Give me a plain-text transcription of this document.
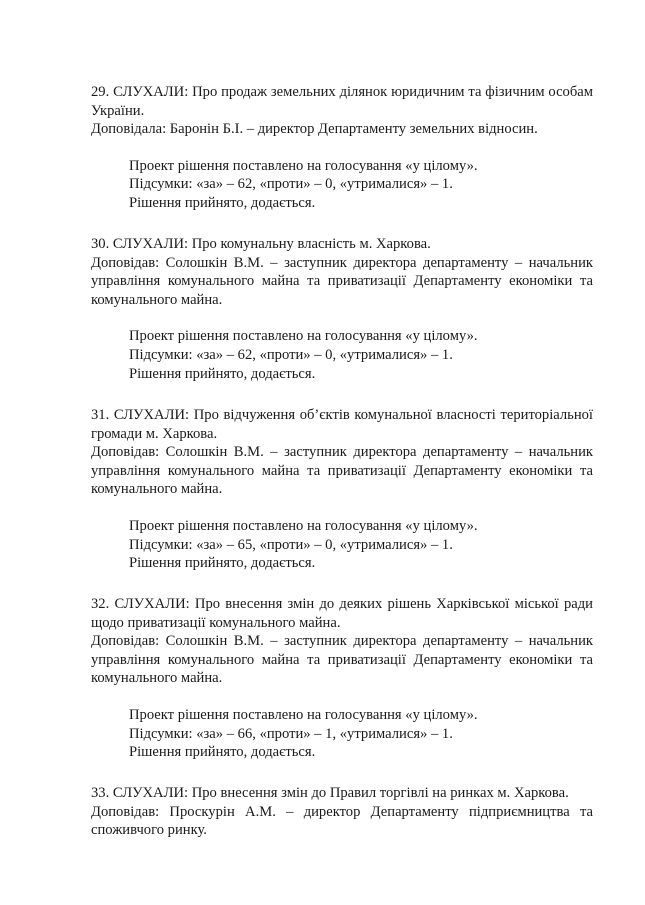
29. СЛУХАЛИ: Про продаж земельних ділянок юридичним та фізичним особам України.
Доповідала: Баронін Б.І. – директор Департаменту земельних відносин.
Проект рішення поставлено на голосування «у цілому».
Підсумки: «за» – 62, «проти» – 0, «утрималися» – 1.
Рішення прийнято, додається.
30. СЛУХАЛИ: Про комунальну власність м. Харкова.
Доповідав: Солошкін В.М. – заступник директора департаменту – начальник управління комунального майна та приватизації Департаменту економіки та комунального майна.
Проект рішення поставлено на голосування «у цілому».
Підсумки: «за» – 62, «проти» – 0, «утрималися» – 1.
Рішення прийнято, додається.
31. СЛУХАЛИ: Про відчуження об’єктів комунальної власності територіальної громади м. Харкова.
Доповідав: Солошкін В.М. – заступник директора департаменту – начальник управління комунального майна та приватизації Департаменту економіки та комунального майна.
Проект рішення поставлено на голосування «у цілому».
Підсумки: «за» – 65, «проти» – 0, «утрималися» – 1.
Рішення прийнято, додається.
32. СЛУХАЛИ: Про внесення змін до деяких рішень Харківської міської ради щодо приватизації комунального майна.
Доповідав: Солошкін В.М. – заступник директора департаменту – начальник управління комунального майна та приватизації Департаменту економіки та комунального майна.
Проект рішення поставлено на голосування «у цілому».
Підсумки: «за» – 66, «проти» – 1, «утрималися» – 1.
Рішення прийнято, додається.
33. СЛУХАЛИ: Про внесення змін до Правил торгівлі на ринках м. Харкова.
Доповідав: Проскурін А.М. – директор Департаменту підприємництва та споживчого ринку.
